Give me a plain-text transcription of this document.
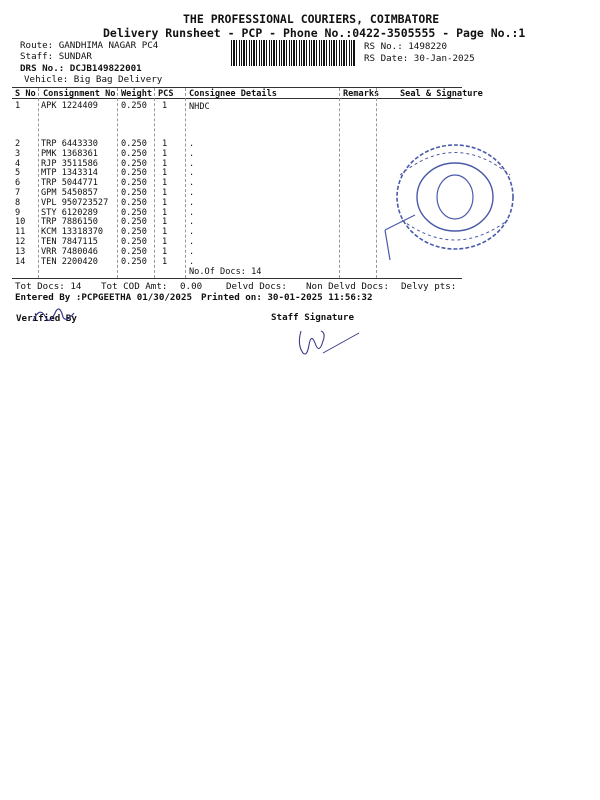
THE PROFESSIONAL COURIERS, COIMBATORE
Delivery Runsheet - PCP - Phone No.:0422-3505555 - Page No.:1
Route: GANDHIMA NAGAR PC4
Staff: SUNDAR
DRS No.: DCJB149822001
Vehicle: Big Bag Delivery
RS No.: 1498220
RS Date: 30-Jan-2025
S No Consignment No Weight PCS Consignee Details	Remarks Seal & Signature
1 APK 1224409	0.250 1	NHDC
2 TRP 6443330	0.250 1	.
3 PMK 1368361	0.250 1	.
4 RJP 3511586	0.250 1	.
5 MTP 1343314	0.250 1	.
6 TRP 5044771	0.250 1	.
7 GPM 5450857	0.250 1	.
8 VPL 950723527 0.250 1	.
9 STY 6120289	0.250 1	.
10 TRP 7886150	0.250 1	.
11 KCM 13318370 0.250 1	.
12 TEN 7847115	0.250 1	.
13 VRR 7480046	0.250 1	.
14 TEN 2200420	0.250 1	.
No.Of Docs: 14
Tot Docs: 14 Tot COD Amt: 0.00	Delvd Docs: Non Delvd Docs: Delvy pts:
Entered By :PCPGEETHA 01/30/2025 Printed on: 30-01-2025 11:56:32
Verified By	Staff Signature
